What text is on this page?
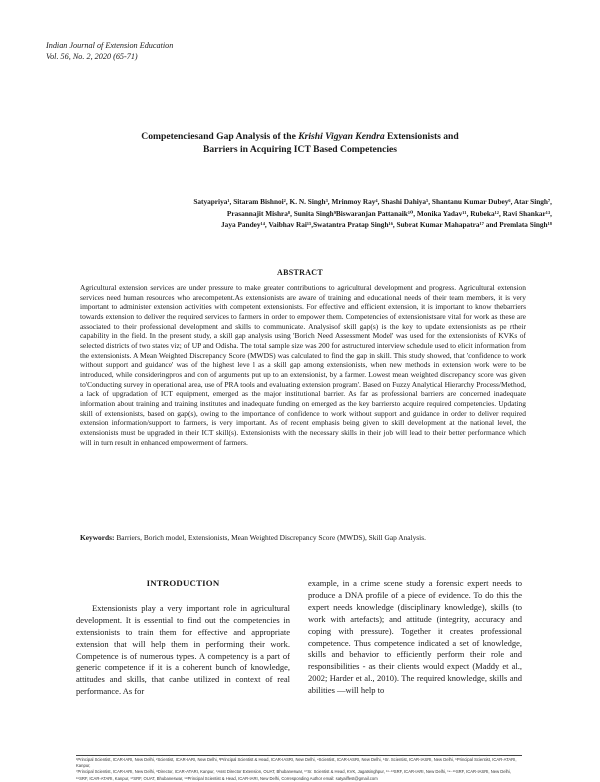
Indian Journal of Extension Education
Vol. 56, No. 2, 2020 (65-71)
Competenciesand Gap Analysis of the Krishi Vigyan Kendra Extensionists and
Barriers in Acquiring ICT Based Competencies
Satyapriya¹, Sitaram Bishnoi², K. N. Singh³, Mrinmoy Ray⁴, Shashi Dahiya⁵, Shantanu Kumar Dubey⁶, Atar Singh⁷,
Prasannajit Mishra⁸, Sunita Singh⁹Biswaranjan Pattanaik¹⁰, Monika Yadav¹¹, Rubeka¹², Ravi Shankar¹³,
Jaya Pandey¹⁴, Vaibhav Rai¹⁵,Swatantra Pratap Singh¹⁶, Subrat Kumar Mahapatra¹⁷ and Premlata Singh¹⁸
ABSTRACT

Agricultural extension services are under pressure to make greater contributions to agricultural development and progress. Agricultural extension services need human resources who arecompetent.As extensionists are aware of training and educational needs of their team members, it is very important to administer extension activities with competent extensionists. For effective and efficient extension, it is important to know thebarriers towards extension to deliver the required services to farmers in order to empower them. Competencies of extensionistsare vital for work as these are associated to their professional development and skills to communicate. Analysisof skill gap(s) is the key to update extensionists as pe rtheir capability in the field. In the present study, a skill gap analysis using 'Borich Need Assessment Model' was used for the extensionists of KVKs of selected districts of two states viz; of UP and Odisha. The total sample size was 200 for astructured interview schedule used to elicit information from the extensionists. A Mean Weighted Discrepancy Score (MWDS) was calculated to find the gap in skill. This study showed, that 'confidence to work without support and guidance' was of the highest leve l as a skill gap among extensionists, when new methods in extension work were to be introduced, while consideringpros and con of arguments put up to an extensionist, by a farmer. Lowest mean weighted discrepancy score was given to'Conducting survey in operational area, use of PRA tools and evaluating extension program'. Based on Fuzzy Analytical Hierarchy Process/Method, a lack of upgradation of ICT equipment, emerged as the major institutional barrier. As far as professional barriers are concerned inadequate information about training and training institutes and inadequate funding on emerged as the key barriersto acquire required competencies. Updating skill of extensionists, based on gap(s), owing to the importance of confidence to work without support and guidance in order to deliver required extension information/support to farmers, is very important. As of recent emphasis being given to skill development at the national level, the extensionists must be upgraded in their ICT skill(s). Extensionists with the necessary skills in their job will lead to their better performance which will in turn result in enhanced empowerment of farmers.

Keywords: Barriers, Borich model, Extensionists, Mean Weighted Discrepancy Score (MWDS), Skill Gap Analysis.
INTRODUCTION

Extensionists play a very important role in agricultural development. It is essential to find out the competencies in extensionists to train them for effective and appropriate extension that will help them in performing their work. Competence is of numerous types. A competency is a part of generic competence if it is a coherent bunch of knowledge, attitudes and skills, that canbe utilized in context of real performance. As for

example, in a crime scene study a forensic expert needs to produce a DNA profile of a piece of evidence. To do this the expert needs knowledge (disciplinary knowledge), skills (to work with artefacts); and attitude (integrity, accuracy and coping with pressure). Together it creates professional competence. Thus competence indicated a set of knowledge, skills and behavior to efficiently perform their role and responsibilities - as their clients would expect (Maddy et al., 2002; Harder et al., 2010). The required knowledge, skills and abilities —will help to

¹Principal Scientist, ICAR-IARI, New Delhi, ²Scientist, ICAR-IARI, New Delhi, ³Principal Scientist & Head, ICAR-IASRI, New Delhi, ⁴Scientist, ICAR-IASRI, New Delhi, ⁵Sr. Scientist, ICAR-IASRI, New Delhi, ⁶Principal Scientist, ICAR-ATARI, Kanpur,
⁷Principal Scientist, ICAR-IARI, New Delhi, ⁸Director, ICAR-ATARI, Kanpur, ⁹Asst Director Extension, OUAT, Bhubaneswar, ¹⁰Sr. Scientist & Head, KVK, Jagatsinghpur, ¹¹⁻¹³SRF, ICAR-IARI, New Delhi, ¹⁴⁻¹⁵SRF, ICAR-IASRI, New Delhi,
¹⁶SRF, ICAR-ATARI, Kanpur, ¹⁷SRF, OUAT, Bhubaneswar, ¹⁸Principal Scientist & Head, ICAR-IARI, New Delhi, Corresponding Author email: satyaiffest@gmail.com
